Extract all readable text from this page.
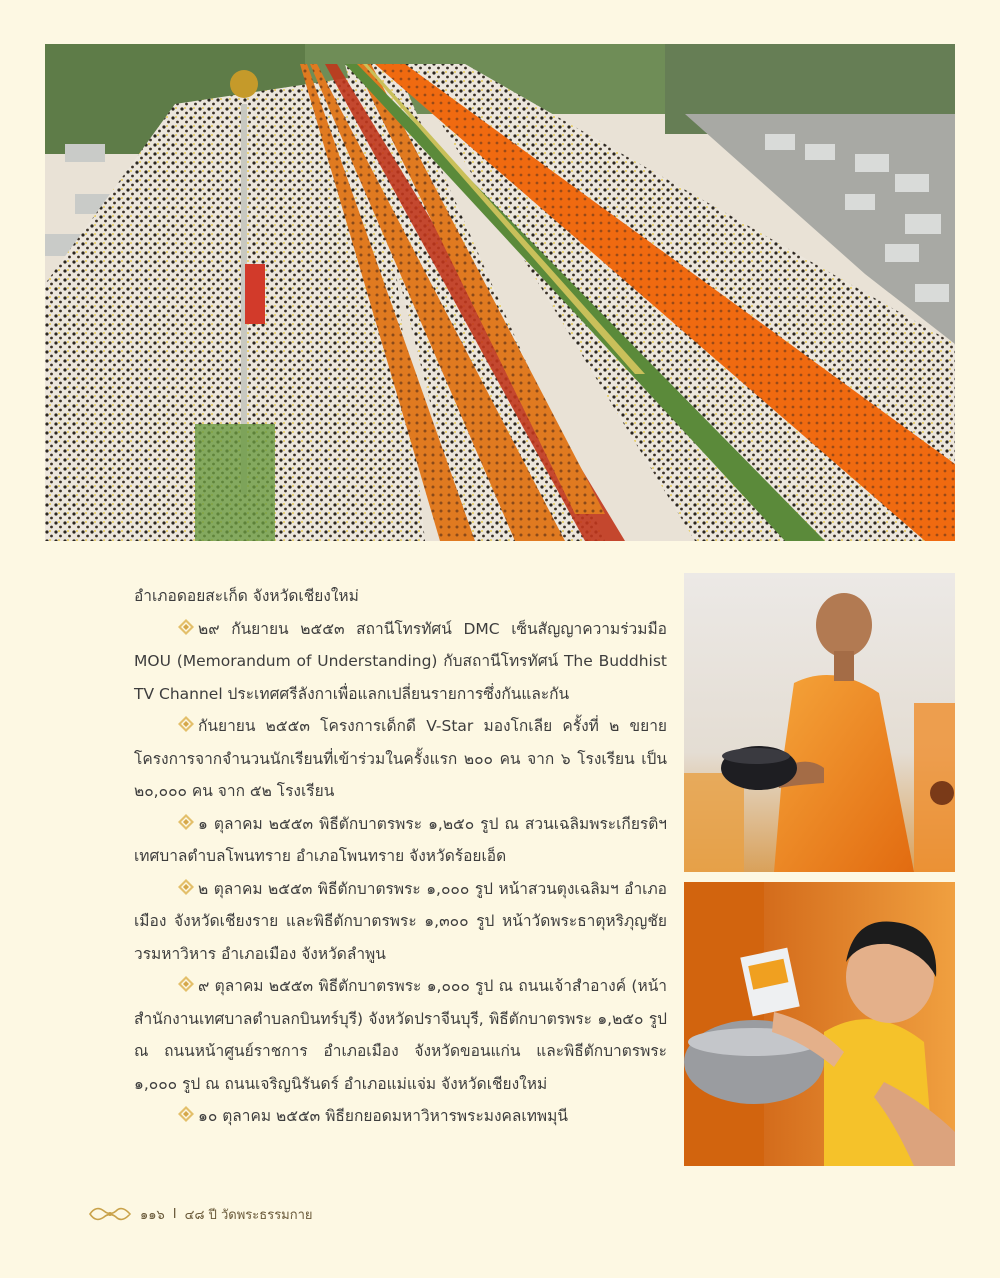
อำเภอดอยสะเก็ด จังหวัดเชียงใหม่

๒๙ กันยายน ๒๕๕๓ สถานีโทรทัศน์ DMC เซ็นสัญญาความร่วมมือ MOU (Memorandum of Understanding) กับสถานีโทรทัศน์ The Buddhist TV Channel ประเทศศรีลังกาเพื่อแลกเปลี่ยนรายการซึ่งกันและกัน

กันยายน ๒๕๕๓ โครงการเด็กดี V-Star มองโกเลีย ครั้งที่ ๒ ขยายโครงการจากจำนวนนักเรียนที่เข้าร่วมในครั้งแรก ๒๐๐ คน จาก ๖ โรงเรียน เป็น ๒๐,๐๐๐ คน จาก ๕๒ โรงเรียน

๑ ตุลาคม ๒๕๕๓ พิธีตักบาตรพระ ๑,๒๕๐ รูป ณ สวนเฉลิมพระเกียรติฯ เทศบาลตำบลโพนทราย อำเภอโพนทราย จังหวัดร้อยเอ็ด

๒ ตุลาคม ๒๕๕๓ พิธีตักบาตรพระ ๑,๐๐๐ รูป หน้าสวนตุงเฉลิมฯ อำเภอเมือง จังหวัดเชียงราย และพิธีตักบาตรพระ ๑,๓๐๐ รูป หน้าวัดพระธาตุหริภุญชัย วรมหาวิหาร อำเภอเมือง จังหวัดลำพูน

๙ ตุลาคม ๒๕๕๓ พิธีตักบาตรพระ ๑,๐๐๐ รูป ณ ถนนเจ้าสำอางค์ (หน้าสำนักงานเทศบาลตำบลกบินทร์บุรี) จังหวัดปราจีนบุรี, พิธีตักบาตรพระ ๑,๒๕๐ รูป ณ ถนนหน้าศูนย์ราชการ อำเภอเมือง จังหวัดขอนแก่น และพิธีตักบาตรพระ ๑,๐๐๐ รูป ณ ถนนเจริญนิรันดร์ อำเภอแม่แจ่ม จังหวัดเชียงใหม่

๑๐ ตุลาคม ๒๕๕๓ พิธียกยอดมหาวิหารพระมงคลเทพมุนี

๑๑๖ I ๔๘ ปี วัดพระธรรมกาย
